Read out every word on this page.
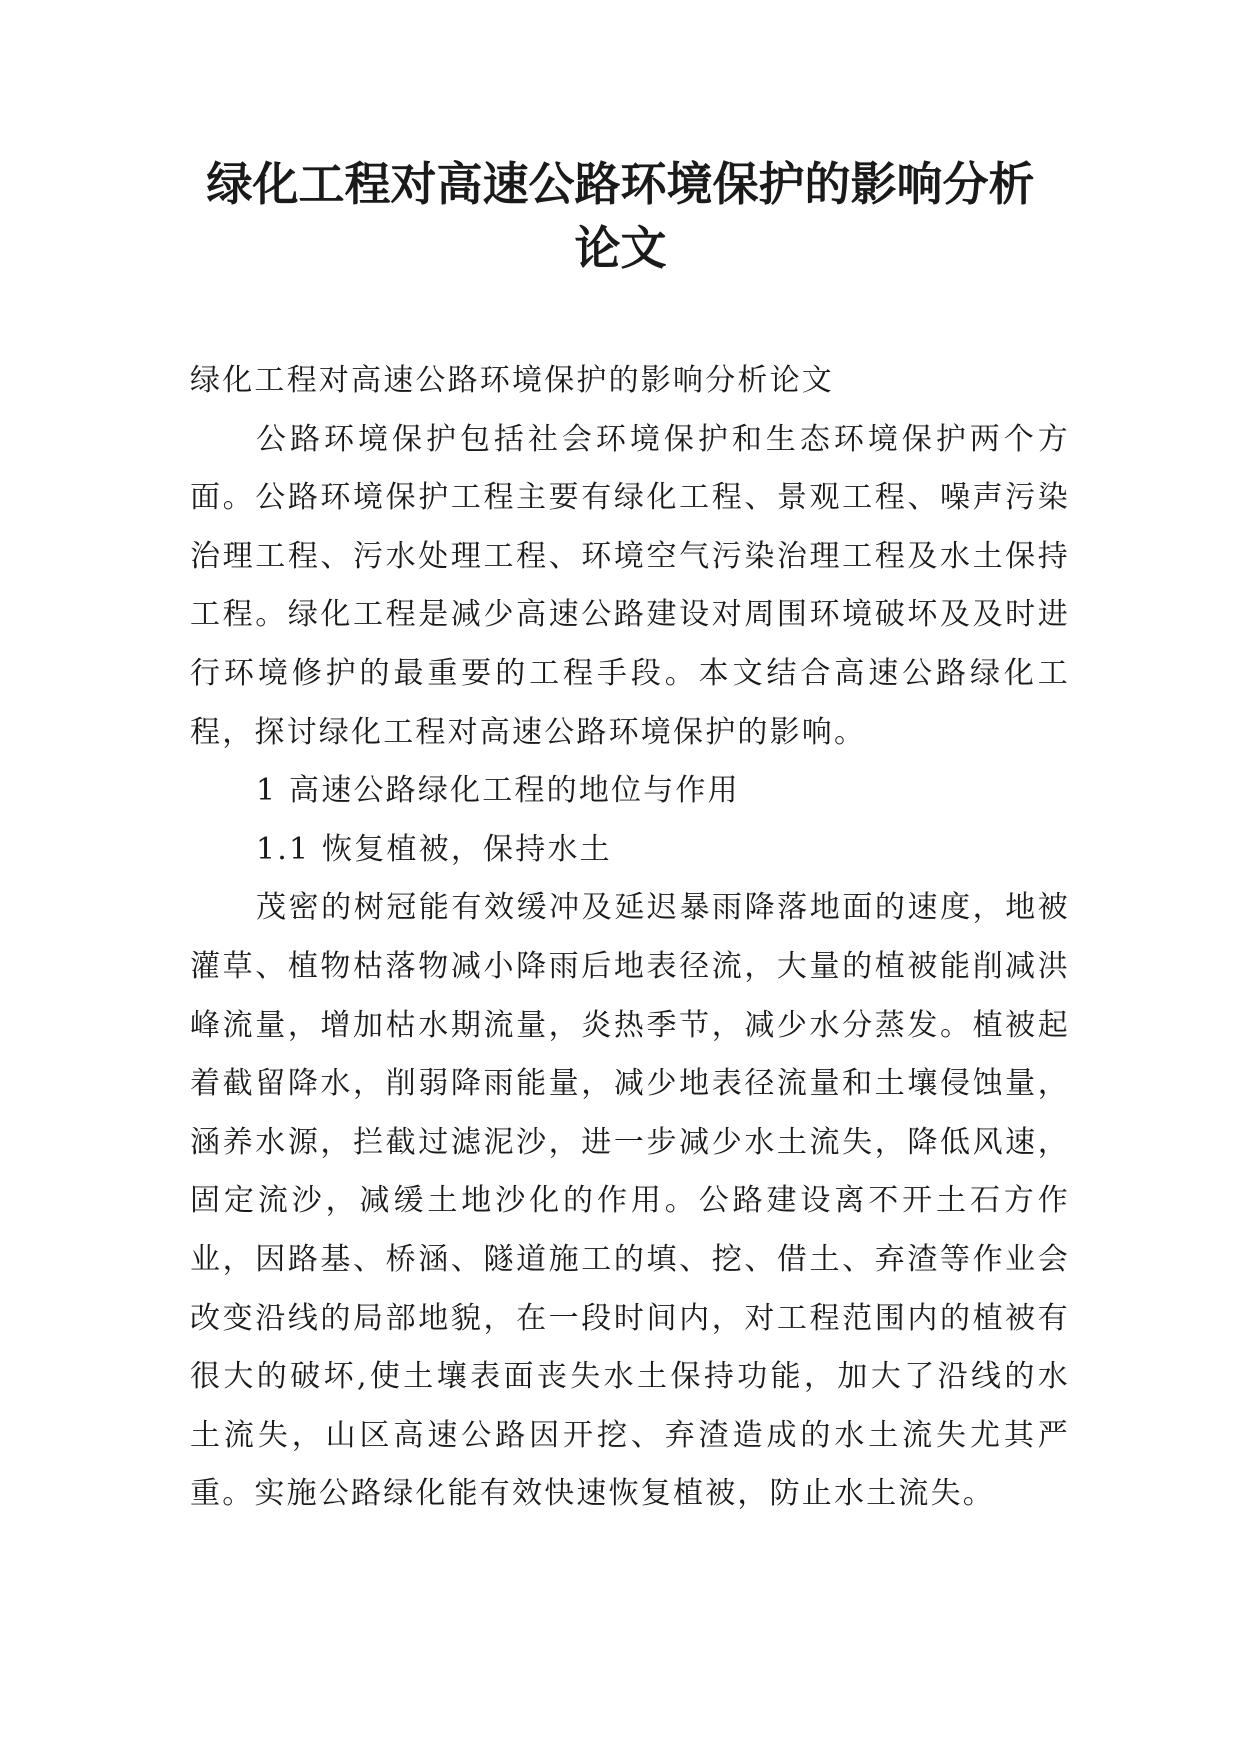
绿化工程对高速公路环境保护的影响分析
论文

绿化工程对高速公路环境保护的影响分析论文

公路环境保护包括社会环境保护和生态环境保护两个方面。公路环境保护工程主要有绿化工程、景观工程、噪声污染治理工程、污水处理工程、环境空气污染治理工程及水土保持工程。绿化工程是减少高速公路建设对周围环境破坏及及时进行环境修护的最重要的工程手段。本文结合高速公路绿化工程，探讨绿化工程对高速公路环境保护的影响。

1 高速公路绿化工程的地位与作用

1.1 恢复植被，保持水土

茂密的树冠能有效缓冲及延迟暴雨降落地面的速度，地被灌草、植物枯落物减小降雨后地表径流，大量的植被能削减洪峰流量，增加枯水期流量，炎热季节，减少水分蒸发。植被起着截留降水，削弱降雨能量，减少地表径流量和土壤侵蚀量，涵养水源，拦截过滤泥沙，进一步减少水土流失，降低风速，固定流沙，减缓土地沙化的作用。公路建设离不开土石方作业，因路基、桥涵、隧道施工的填、挖、借土、弃渣等作业会改变沿线的局部地貌，在一段时间内，对工程范围内的植被有很大的破坏,使土壤表面丧失水土保持功能，加大了沿线的水土流失，山区高速公路因开挖、弃渣造成的水土流失尤其严重。实施公路绿化能有效快速恢复植被，防止水土流失。
